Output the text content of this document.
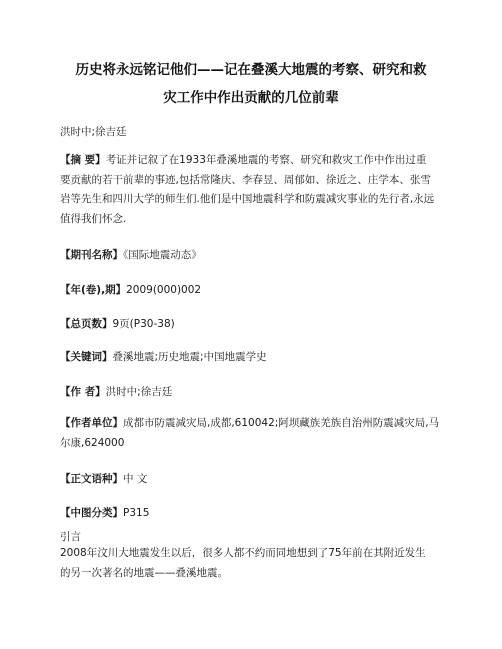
历史将永远铭记他们——记在叠溪大地震的考察、研究和救
灾工作中作出贡献的几位前辈
洪时中;徐吉廷
【摘 要】考证并记叙了在1933年叠溪地震的考察、研究和救灾工作中作出过重
要贡献的若干前辈的事迹,包括常隆庆、李春昱、周郁如、徐近之、庄学本、张雪
岩等先生和四川大学的师生们.他们是中国地震科学和防震减灾事业的先行者,永远
值得我们怀念.
【期刊名称】《国际地震动态》
【年(卷),期】2009(000)002
【总页数】9页(P30-38)
【关键词】叠溪地震;历史地震;中国地震学史
【作 者】洪时中;徐吉廷
【作者单位】成都市防震减灾局,成都,610042;阿坝藏族羌族自治州防震减灾局,马
尔康,624000
【正文语种】中 文
【中图分类】P315
引言
2008年汶川大地震发生以后，很多人都不约而同地想到了75年前在其附近发生
的另一次著名的地震——叠溪地震。
